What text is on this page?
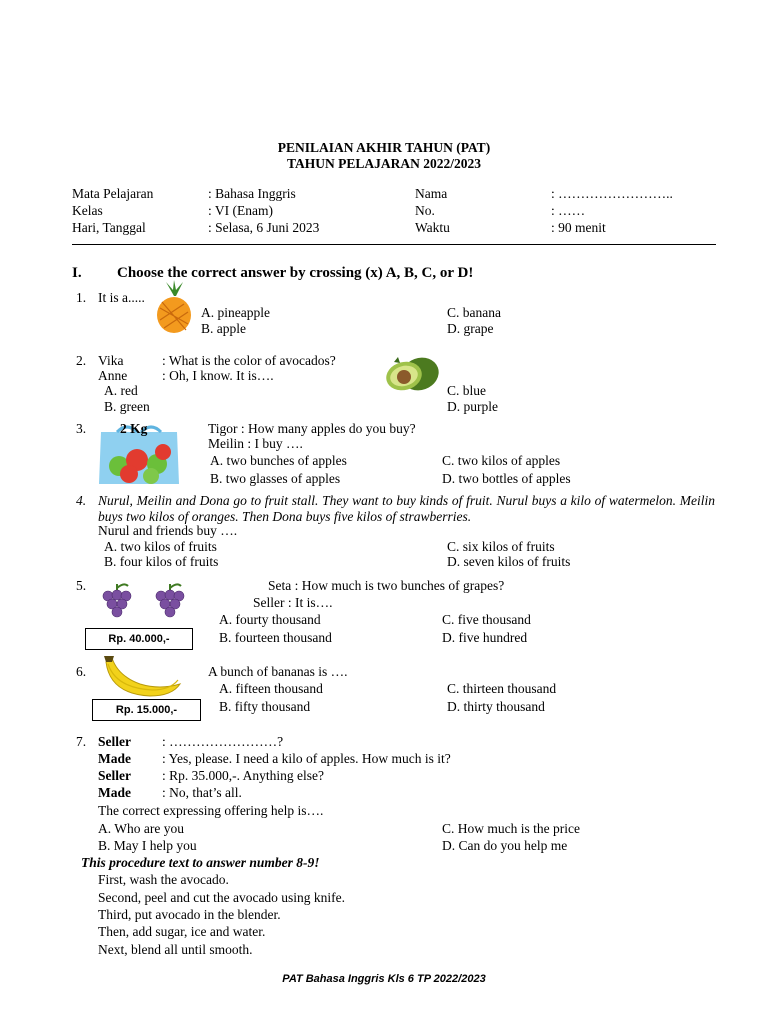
PENILAIAN AKHIR TAHUN (PAT)
TAHUN PELAJARAN 2022/2023
Mata Pelajaran	: Bahasa Inggris	Nama	: ……………………..
Kelas	: VI (Enam)	No.	: ……
Hari, Tanggal	: Selasa, 6 Juni 2023	Waktu	: 90 menit
I. Choose the correct answer by crossing (x) A, B, C, or D!
1. It is a.....
A. pineapple
B. apple
C. banana
D. grape
2. Vika	: What is the color of avocados?
Anne	: Oh, I know. It is….
A. red
B. green
C. blue
D. purple
3.	2 Kg	Tigor : How many apples do you buy?
Meilin : I buy ….
A. two bunches of apples
B. two glasses of apples
C. two kilos of apples
D. two bottles of apples
4. Nurul, Meilin and Dona go to fruit stall. They want to buy kinds of fruit. Nurul buys a kilo of watermelon. Meilin buys two kilos of oranges. Then Dona buys five kilos of strawberries.
Nurul and friends buy ….
A. two kilos of fruits
B. four kilos of fruits
C. six kilos of fruits
D. seven kilos of fruits
5.
Rp. 40.000,-
Seta : How much is two bunches of grapes?
Seller : It is….
A. fourty thousand
B. fourteen thousand
C. five thousand
D. five hundred
6.
Rp. 15.000,-
A bunch of bananas is ….
A. fifteen thousand
B. fifty thousand
C. thirteen thousand
D. thirty thousand
7. Seller : ……………………?
Made : Yes, please. I need a kilo of apples. How much is it?
Seller : Rp. 35.000,-. Anything else?
Made : No, that’s all.
The correct expressing offering help is….
A. Who are you
B. May I help you
C. How much is the price
D. Can do you help me
This procedure text to answer number 8-9!
First, wash the avocado.
Second, peel and cut the avocado using knife.
Third, put avocado in the blender.
Then, add sugar, ice and water.
Next, blend all until smooth.
PAT Bahasa Inggris Kls 6 TP 2022/2023
